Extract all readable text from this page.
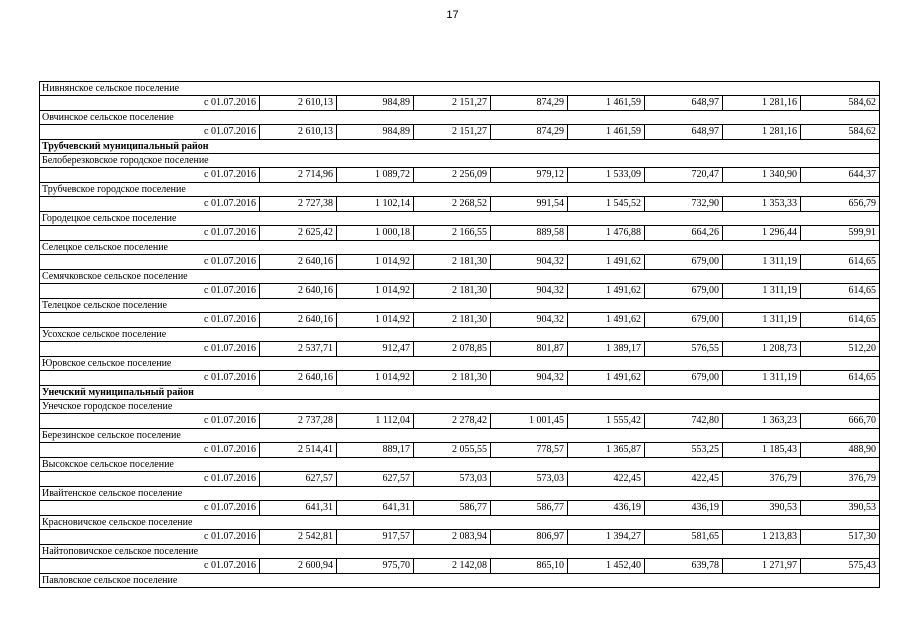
17
Нивнянское сельское поселение								
с 01.07.2016	2 610,13	984,89	2 151,27	874,29	1 461,59	648,97	1 281,16	584,62
Овчинское сельское поселение								
с 01.07.2016	2 610,13	984,89	2 151,27	874,29	1 461,59	648,97	1 281,16	584,62
Трубчевский муниципальный район								
Белоберезковское городское поселение								
с 01.07.2016	2 714,96	1 089,72	2 256,09	979,12	1 533,09	720,47	1 340,90	644,37
Трубчевское городское поселение								
с 01.07.2016	2 727,38	1 102,14	2 268,52	991,54	1 545,52	732,90	1 353,33	656,79
Городецкое сельское поселение								
с 01.07.2016	2 625,42	1 000,18	2 166,55	889,58	1 476,88	664,26	1 296,44	599,91
Селецкое сельское поселение								
с 01.07.2016	2 640,16	1 014,92	2 181,30	904,32	1 491,62	679,00	1 311,19	614,65
Семячковское сельское поселение								
с 01.07.2016	2 640,16	1 014,92	2 181,30	904,32	1 491,62	679,00	1 311,19	614,65
Телецкое сельское поселение								
с 01.07.2016	2 640,16	1 014,92	2 181,30	904,32	1 491,62	679,00	1 311,19	614,65
Усохское сельское поселение								
с 01.07.2016	2 537,71	912,47	2 078,85	801,87	1 389,17	576,55	1 208,73	512,20
Юровское сельское поселение								
с 01.07.2016	2 640,16	1 014,92	2 181,30	904,32	1 491,62	679,00	1 311,19	614,65
Унечский муниципальный район								
Унечское городское поселение								
с 01.07.2016	2 737,28	1 112,04	2 278,42	1 001,45	1 555,42	742,80	1 363,23	666,70
Березинское сельское поселение								
с 01.07.2016	2 514,41	889,17	2 055,55	778,57	1 365,87	553,25	1 185,43	488,90
Высокское сельское поселение								
с 01.07.2016	627,57	627,57	573,03	573,03	422,45	422,45	376,79	376,79
Ивайтенское сельское поселение								
с 01.07.2016	641,31	641,31	586,77	586,77	436,19	436,19	390,53	390,53
Красновичское сельское поселение								
с 01.07.2016	2 542,81	917,57	2 083,94	806,97	1 394,27	581,65	1 213,83	517,30
Найтоповичское сельское поселение								
с 01.07.2016	2 600,94	975,70	2 142,08	865,10	1 452,40	639,78	1 271,97	575,43
Павловское сельское поселение								
